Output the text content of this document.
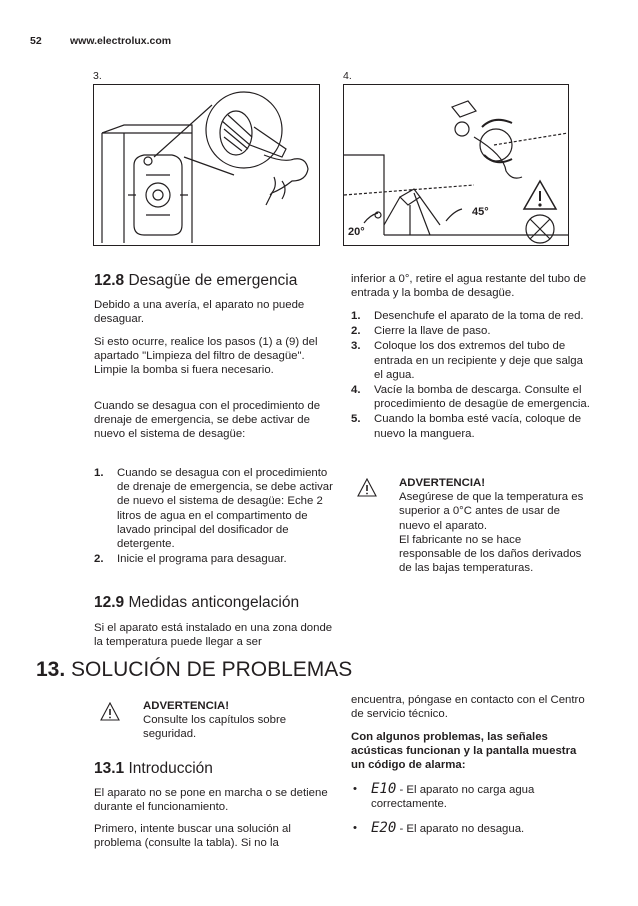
52	www.electrolux.com
3.	4.
20°
45°
12.8 Desagüe de emergencia
Debido a una avería, el aparato no puede desaguar.
Si esto ocurre, realice los pasos (1) a (9) del apartado "Limpieza del filtro de desagüe". Limpie la bomba si fuera necesario.
Cuando se desagua con el procedimiento de drenaje de emergencia, se debe activar de nuevo el sistema de desagüe:
1. Cuando se desagua con el procedimiento de drenaje de emergencia, se debe activar de nuevo el sistema de desagüe: Eche 2 litros de agua en el compartimento de lavado principal del dosificador de detergente.
2. Inicie el programa para desaguar.
12.9 Medidas anticongelación
Si el aparato está instalado en una zona donde la temperatura puede llegar a ser
inferior a 0°, retire el agua restante del tubo de entrada y la bomba de desagüe.
1. Desenchufe el aparato de la toma de red.
2. Cierre la llave de paso.
3. Coloque los dos extremos del tubo de entrada en un recipiente y deje que salga el agua.
4. Vacíe la bomba de descarga. Consulte el procedimiento de desagüe de emergencia.
5. Cuando la bomba esté vacía, coloque de nuevo la manguera.
ADVERTENCIA!
Asegúrese de que la temperatura es superior a 0°C antes de usar de nuevo el aparato.
El fabricante no se hace responsable de los daños derivados de las bajas temperaturas.
13. SOLUCIÓN DE PROBLEMAS
ADVERTENCIA!
Consulte los capítulos sobre seguridad.
13.1 Introducción
El aparato no se pone en marcha o se detiene durante el funcionamiento.
Primero, intente buscar una solución al problema (consulte la tabla). Si no la
encuentra, póngase en contacto con el Centro de servicio técnico.
Con algunos problemas, las señales acústicas funcionan y la pantalla muestra un código de alarma:
• E10 - El aparato no carga agua correctamente.
• E20 - El aparato no desagua.
